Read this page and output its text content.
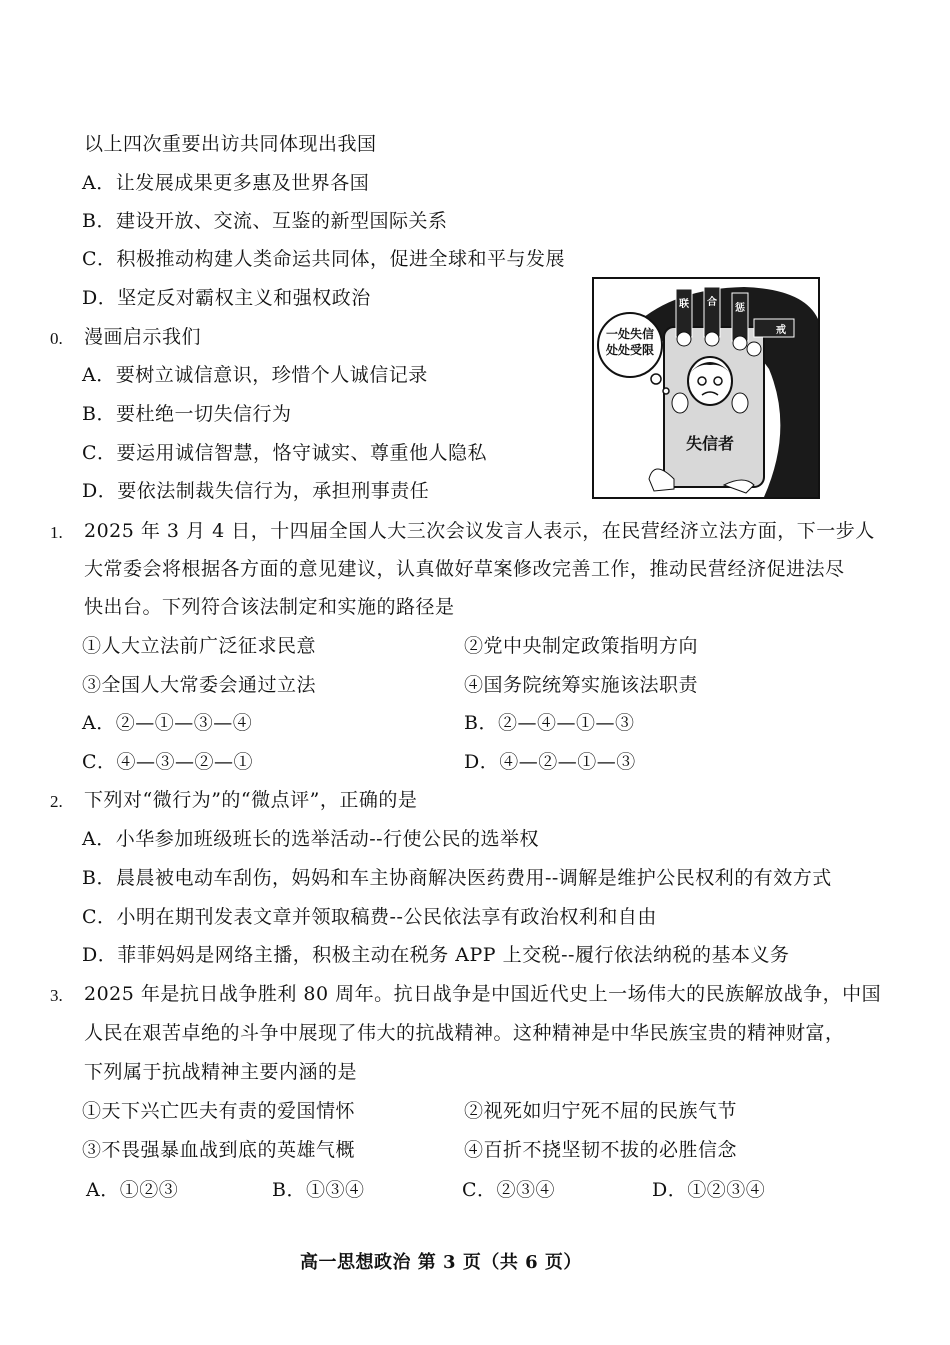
以上四次重要出访共同体现出我国
A．让发展成果更多惠及世界各国
B．建设开放、交流、互鉴的新型国际关系
C．积极推动构建人类命运共同体，促进全球和平与发展
D．坚定反对霸权主义和强权政治
0. 漫画启示我们
A．要树立诚信意识，珍惜个人诚信记录
B．要杜绝一切失信行为
C．要运用诚信智慧，恪守诚实、尊重他人隐私
D．要依法制裁失信行为，承担刑事责任
一处失信
处处受限
失信者
联 合
惩
戒
1. 2025 年 3 月 4 日，十四届全国人大三次会议发言人表示，在民营经济立法方面，下一步人
大常委会将根据各方面的意见建议，认真做好草案修改完善工作，推动民营经济促进法尽
快出台。下列符合该法制定和实施的路径是
①人大立法前广泛征求民意	②党中央制定政策指明方向
③全国人大常委会通过立法	④国务院统筹实施该法职责
A．②—①—③—④	B．②—④—①—③
C．④—③—②—①	D．④—②—①—③
2. 下列对“微行为”的“微点评”，正确的是
A．小华参加班级班长的选举活动--行使公民的选举权
B．晨晨被电动车刮伤，妈妈和车主协商解决医药费用--调解是维护公民权利的有效方式
C．小明在期刊发表文章并领取稿费--公民依法享有政治权利和自由
D．菲菲妈妈是网络主播，积极主动在税务 APP 上交税--履行依法纳税的基本义务
3. 2025 年是抗日战争胜利 80 周年。抗日战争是中国近代史上一场伟大的民族解放战争，中国
人民在艰苦卓绝的斗争中展现了伟大的抗战精神。这种精神是中华民族宝贵的精神财富，
下列属于抗战精神主要内涵的是
①天下兴亡匹夫有责的爱国情怀	②视死如归宁死不屈的民族气节
③不畏强暴血战到底的英雄气概	④百折不挠坚韧不拔的必胜信念
A．①②③	B．①③④	C．②③④	D．①②③④
高一思想政治 第 3 页（共 6 页）
